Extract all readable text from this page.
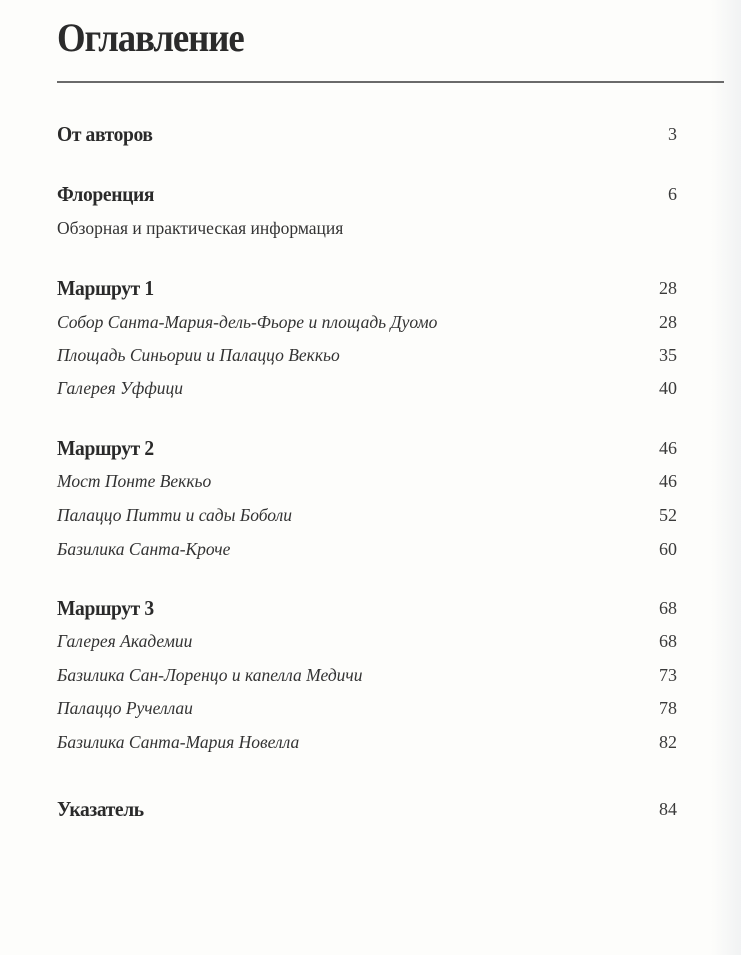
Оглавление
От авторов	3
Флоренция	6
Обзорная и практическая информация
Маршрут 1	28
Собор Санта-Мария-дель-Фьоре и площадь Дуомо	28
Площадь Синьории и Палаццо Веккьо	35
Галерея Уффици	40
Маршрут 2	46
Мост Понте Веккьо	46
Палаццо Питти и сады Боболи	52
Базилика Санта-Кроче	60
Маршрут 3	68
Галерея Академии	68
Базилика Сан-Лоренцо и капелла Медичи	73
Палаццо Ручеллаи	78
Базилика Санта-Мария Новелла	82
Указатель	84
